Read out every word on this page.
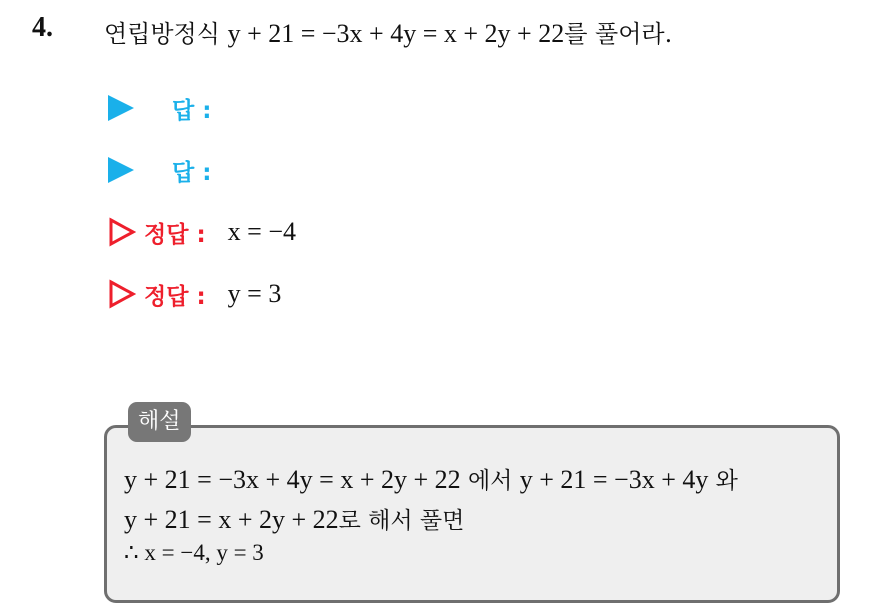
4. 연립방정식 y + 21 = −3x + 4y = x + 2y + 22를 풀어라.
답 :
답 :
정답 : x = −4
정답 : y = 3
해설
y + 21 = −3x + 4y = x + 2y + 22 에서 y + 21 = −3x + 4y 와
y + 21 = x + 2y + 22로 해서 풀면
∴ x = −4, y = 3
